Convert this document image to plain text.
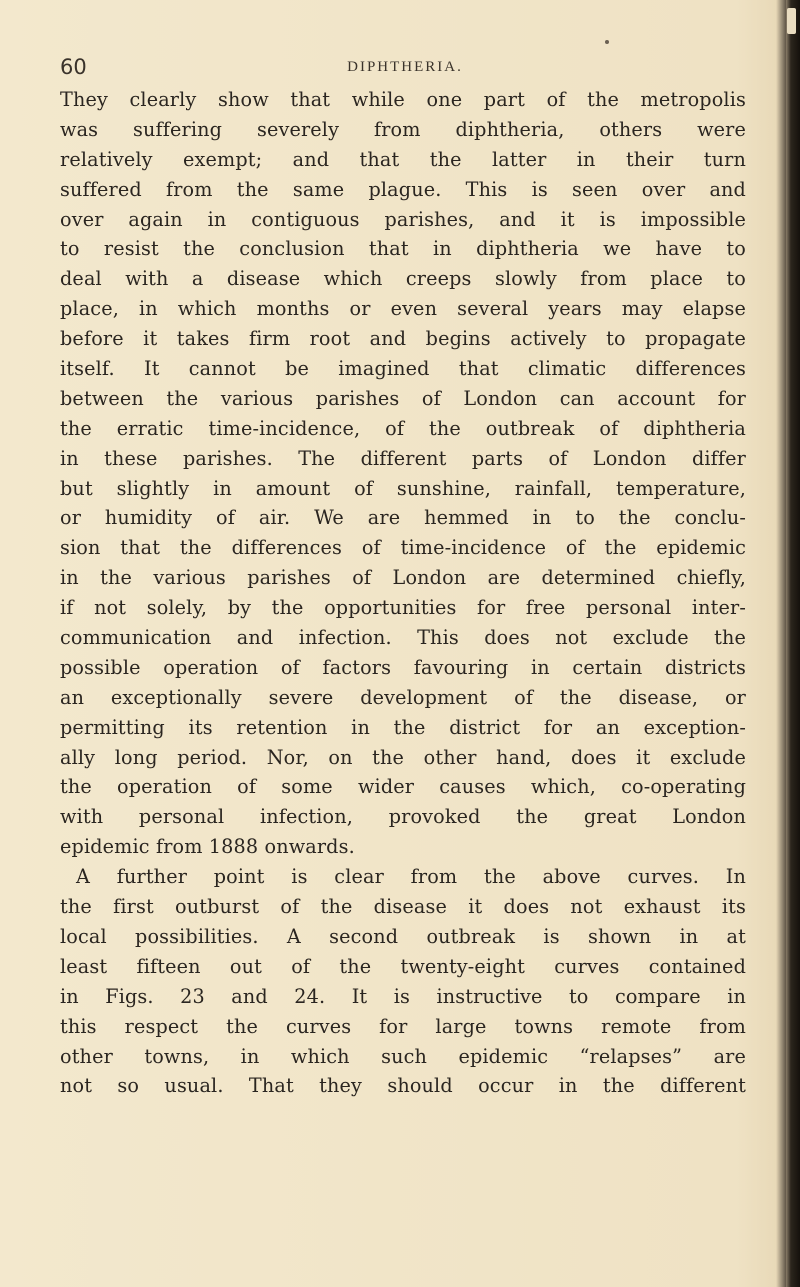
60	DIPHTHERIA.
They clearly show that while one part of the metropolis
was suffering severely from diphtheria, others were
relatively exempt; and that the latter in their turn
suffered from the same plague. This is seen over and
over again in contiguous parishes, and it is impossible
to resist the conclusion that in diphtheria we have to
deal with a disease which creeps slowly from place to
place, in which months or even several years may elapse
before it takes firm root and begins actively to propagate
itself. It cannot be imagined that climatic differences
between the various parishes of London can account for
the erratic time-incidence, of the outbreak of diphtheria
in these parishes. The different parts of London differ
but slightly in amount of sunshine, rainfall, temperature,
or humidity of air. We are hemmed in to the conclu-
sion that the differences of time-incidence of the epidemic
in the various parishes of London are determined chiefly,
if not solely, by the opportunities for free personal inter-
communication and infection. This does not exclude the
possible operation of factors favouring in certain districts
an exceptionally severe development of the disease, or
permitting its retention in the district for an exception-
ally long period. Nor, on the other hand, does it exclude
the operation of some wider causes which, co-operating
with personal infection, provoked the great London
epidemic from 1888 onwards.
A further point is clear from the above curves. In
the first outburst of the disease it does not exhaust its
local possibilities. A second outbreak is shown in at
least fifteen out of the twenty-eight curves contained
in Figs. 23 and 24. It is instructive to compare in
this respect the curves for large towns remote from
other towns, in which such epidemic “relapses” are
not so usual. That they should occur in the different
